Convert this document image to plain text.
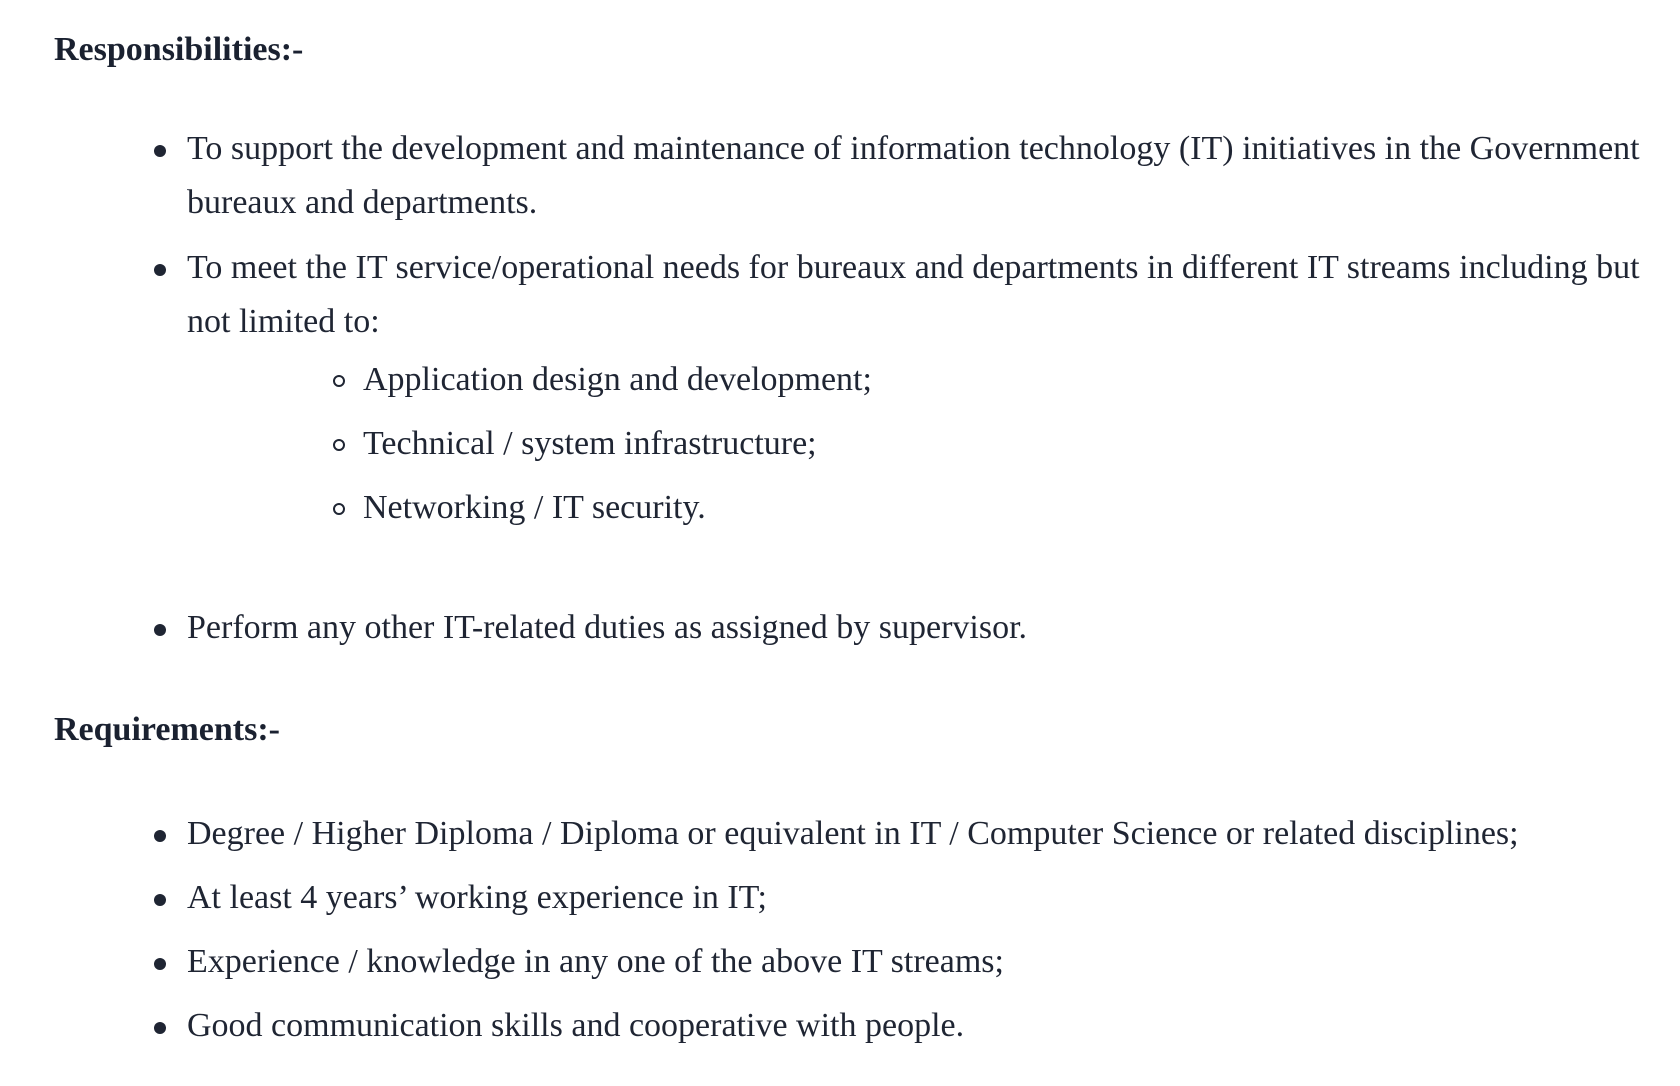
Responsibilities:-
To support the development and maintenance of information technology (IT) initiatives in the Government bureaux and departments.
To meet the IT service/operational needs for bureaux and departments in different IT streams including but not limited to:
Application design and development;
Technical / system infrastructure;
Networking / IT security.
Perform any other IT-related duties as assigned by supervisor.
Requirements:-
Degree / Higher Diploma / Diploma or equivalent in IT / Computer Science or related disciplines;
At least 4 years’ working experience in IT;
Experience / knowledge in any one of the above IT streams;
Good communication skills and cooperative with people.
